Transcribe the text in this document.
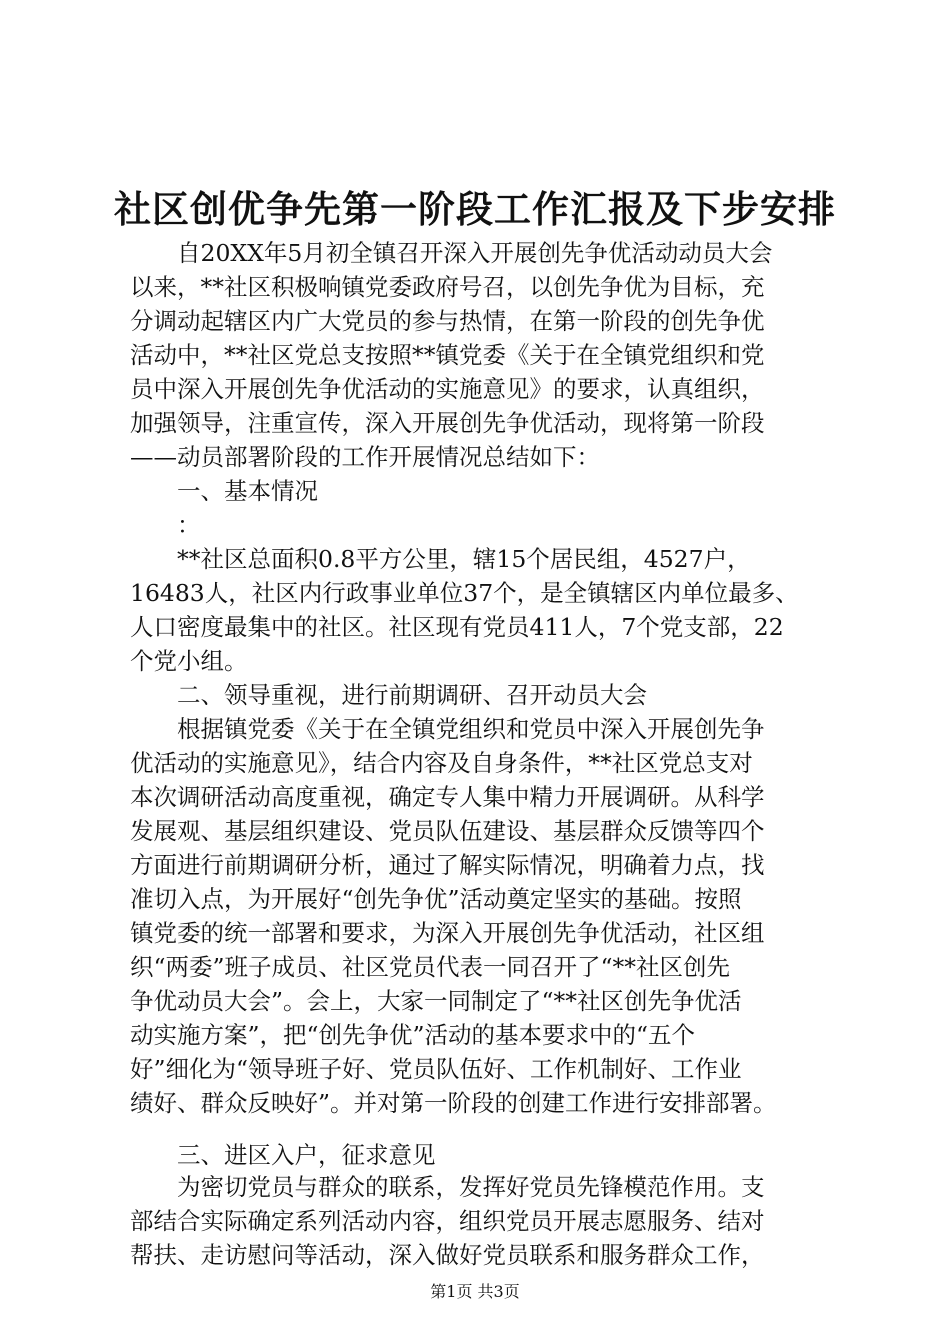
社区创优争先第一阶段工作汇报及下步安排
　　自20XX年5月初全镇召开深入开展创先争优活动动员大会
以来，**社区积极响镇党委政府号召，以创先争优为目标，充
分调动起辖区内广大党员的参与热情，在第一阶段的创先争优
活动中，**社区党总支按照**镇党委《关于在全镇党组织和党
员中深入开展创先争优活动的实施意见》的要求，认真组织，
加强领导，注重宣传，深入开展创先争优活动，现将第一阶段
——动员部署阶段的工作开展情况总结如下：
　　一、基本情况
　　：
　　**社区总面积0.8平方公里，辖15个居民组，4527户，
16483人，社区内行政事业单位37个，是全镇辖区内单位最多、
人口密度最集中的社区。社区现有党员411人，7个党支部，22
个党小组。
　　二、领导重视，进行前期调研、召开动员大会
　　根据镇党委《关于在全镇党组织和党员中深入开展创先争
优活动的实施意见》，结合内容及自身条件，**社区党总支对
本次调研活动高度重视，确定专人集中精力开展调研。从科学
发展观、基层组织建设、党员队伍建设、基层群众反馈等四个
方面进行前期调研分析，通过了解实际情况，明确着力点，找
准切入点，为开展好“创先争优”活动奠定坚实的基础。按照
镇党委的统一部署和要求，为深入开展创先争优活动，社区组
织“两委”班子成员、社区党员代表一同召开了“**社区创先
争优动员大会”。会上，大家一同制定了“**社区创先争优活
动实施方案”，把“创先争优”活动的基本要求中的“五个
好”细化为“领导班子好、党员队伍好、工作机制好、工作业
绩好、群众反映好”。并对第一阶段的创建工作进行安排部署。
　　三、进区入户，征求意见
　　为密切党员与群众的联系，发挥好党员先锋模范作用。支
部结合实际确定系列活动内容，组织党员开展志愿服务、结对
帮扶、走访慰问等活动，深入做好党员联系和服务群众工作，
第1页 共3页
